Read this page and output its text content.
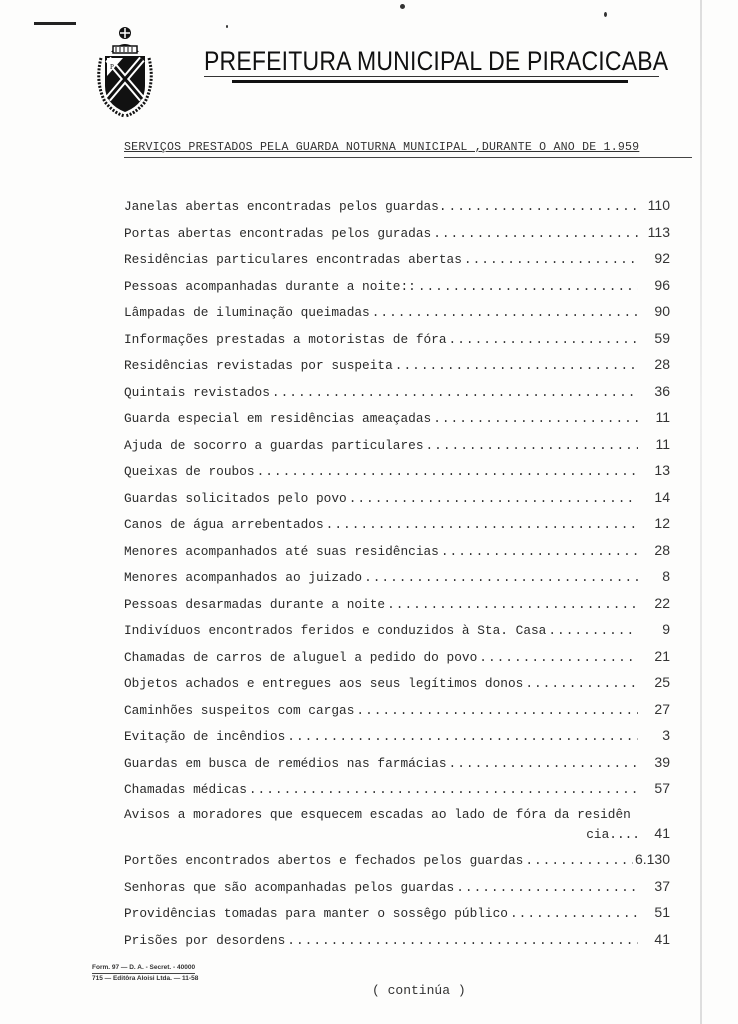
P	PREFEITURA MUNICIPAL DE PIRACICABA
SERVIÇOS PRESTADOS PELA GUARDA NOTURNA MUNICIPAL ,DURANTE O ANO DE 1.959
Janelas abertas encontradas pelos guardas. .....	110
Portas abertas encontradas pelos guradas .....	113
Residências particulares encontradas abertas .....	92
Pessoas acompanhadas durante a noite:: .....	96
Lâmpadas de iluminação queimadas .....	90
Informações prestadas a motoristas de fóra .....	59
Residências revistadas por suspeita .....	28
Quintais revistados .....	36
Guarda especial em residências ameaçadas .....	11
Ajuda de socorro a guardas particulares .....	11
Queixas de roubos .....	13
Guardas solicitados pelo povo .....	14
Canos de água arrebentados .....	12
Menores acompanhados até suas residências .....	28
Menores acompanhados ao juizado .....	8
Pessoas desarmadas durante a noite .....	22
Indivíduos encontrados feridos e conduzidos à Sta. Casa .....	9
Chamadas de carros de aluguel a pedido do povo .....	21
Objetos achados e entregues aos seus legítimos donos .....	25
Caminhões suspeitos com cargas .....	27
Evitação de incêndios .....	3
Guardas em busca de remédios nas farmácias .....	39
Chamadas médicas .....	57
Avisos a moradores que esquecem escadas ao lado de fóra da residên
cia....	41
Portões encontrados abertos e fechados pelos guardas .....	6.130
Senhoras que são acompanhadas pelos guardas .....	37
Providências tomadas para manter o sossêgo público .....	51
Prisões por desordens .....	41
Form. 97 — D. A. - Secret. - 40000
715 — Editôra Aloisi Ltda. — 11-58
( continúa )
